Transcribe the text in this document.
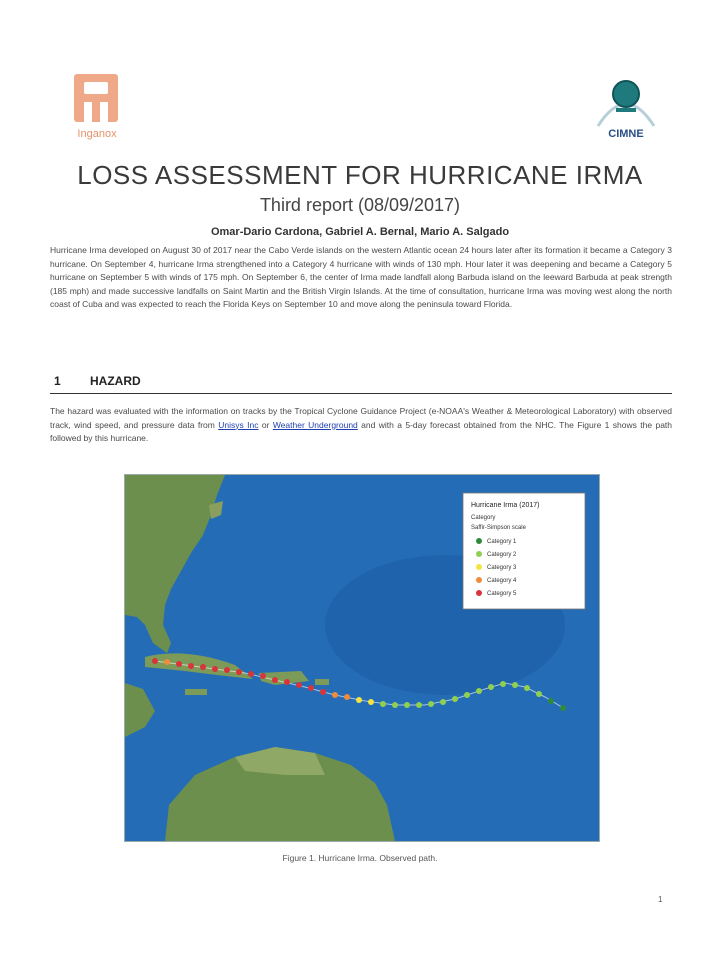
Inganox	CIMNE
LOSS ASSESSMENT FOR HURRICANE IRMA
Third report (08/09/2017)
Omar-Dario Cardona, Gabriel A. Bernal, Mario A. Salgado
Hurricane Irma developed on August 30 of 2017 near the Cabo Verde islands on the western Atlantic ocean 24 hours later after its formation it became a Category 3 hurricane. On September 4, hurricane Irma strengthened into a Category 4 hurricane with winds of 130 mph. Hour later it was deepening and became a Category 5 hurricane on September 5 with winds of 175 mph. On September 6, the center of Irma made landfall along Barbuda island on the leeward Barbuda at peak strength (185 mph) and made successive landfalls on Saint Martin and the British Virgin Islands. At the time of consultation, hurricane Irma was moving west along the north coast of Cuba and was expected to reach the Florida Keys on September 10 and move along the peninsula toward Florida.
1 HAZARD
The hazard was evaluated with the information on tracks by the Tropical Cyclone Guidance Project (e-NOAA's Weather & Meteorological Laboratory) with observed track, wind speed, and pressure data from Unisys Inc or Weather Underground and with a 5-day forecast obtained from the NHC. The Figure 1 shows the path followed by this hurricane.
Hurricane Irma (2017)
Category
Saffir-Simpson scale
Category 1
Category 2
Category 3
Category 4
Category 5
Figure 1. Hurricane Irma. Observed path.
1
